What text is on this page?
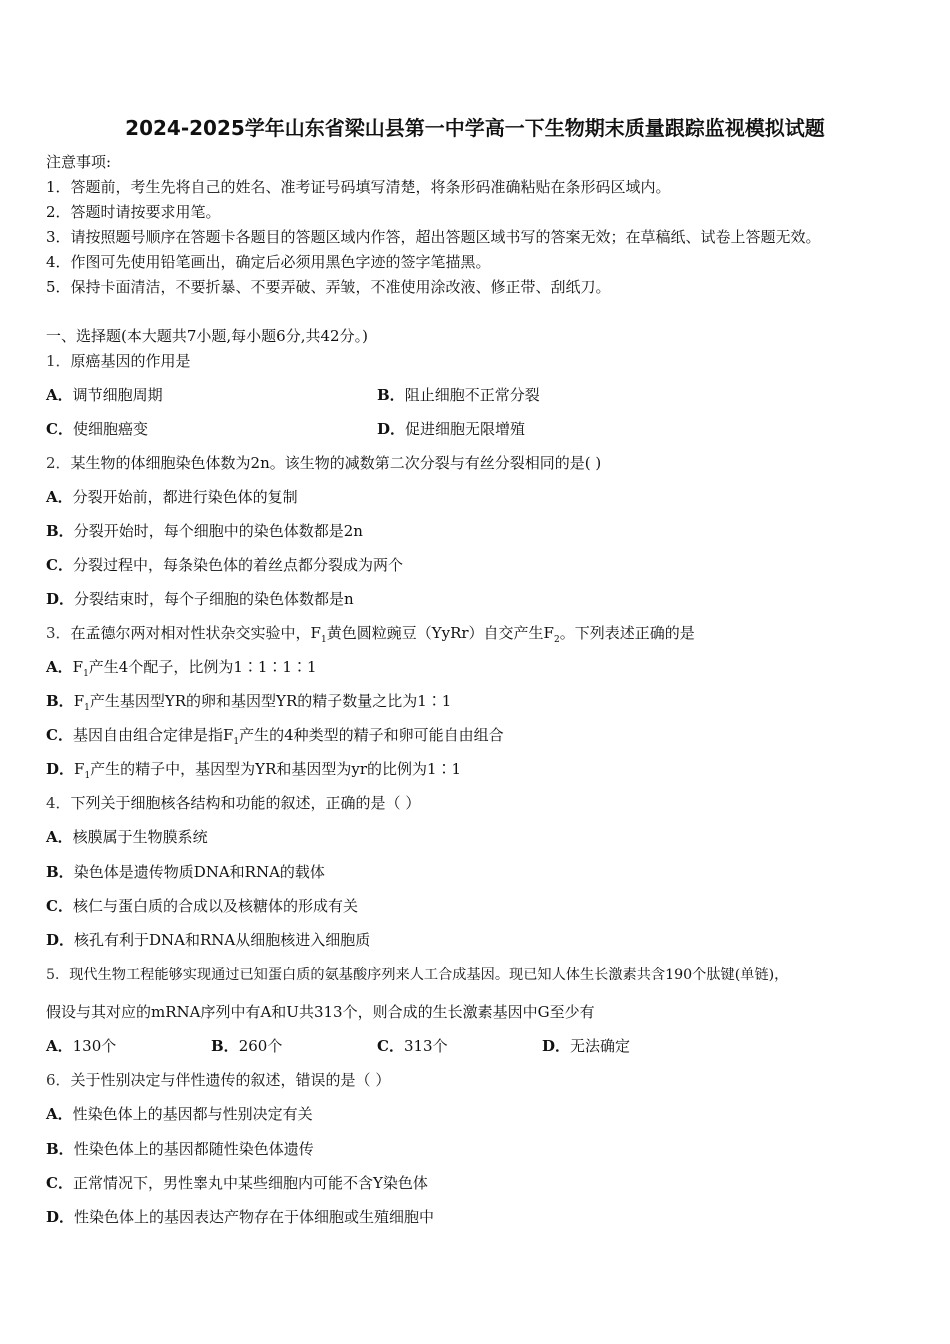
2024-2025学年山东省梁山县第一中学高一下生物期末质量跟踪监视模拟试题
注意事项:
1．答题前，考生先将自己的姓名、准考证号码填写清楚，将条形码准确粘贴在条形码区域内。
2．答题时请按要求用笔。
3．请按照题号顺序在答题卡各题目的答题区域内作答，超出答题区域书写的答案无效；在草稿纸、试卷上答题无效。
4．作图可先使用铅笔画出，确定后必须用黑色字迹的签字笔描黑。
5．保持卡面清洁，不要折暴、不要弄破、弄皱，不准使用涂改液、修正带、刮纸刀。
一、选择题(本大题共7小题,每小题6分,共42分。)
1．原癌基因的作用是
A．调节细胞周期	B．阻止细胞不正常分裂
C．使细胞癌变	D．促进细胞无限增殖
2．某生物的体细胞染色体数为2n。该生物的减数第二次分裂与有丝分裂相同的是( )
A．分裂开始前，都进行染色体的复制
B．分裂开始时，每个细胞中的染色体数都是2n
C．分裂过程中，每条染色体的着丝点都分裂成为两个
D．分裂结束时，每个子细胞的染色体数都是n
3．在孟德尔两对相对性状杂交实验中，$F_1$黄色圆粒豌豆（YyRr）自交产生$F_2$。下列表述正确的是
A．$F_1$产生4个配子，比例为1∶1∶1∶1
B．$F_1$产生基因型YR的卵和基因型YR的精子数量之比为1∶1
C．基因自由组合定律是指$F_1$产生的4种类型的精子和卵可能自由组合
D．$F_1$产生的精子中，基因型为YR和基因型为yr的比例为1∶1
4．下列关于细胞核各结构和功能的叙述，正确的是（ ）
A．核膜属于生物膜系统
B．染色体是遗传物质DNA和RNA的载体
C．核仁与蛋白质的合成以及核糖体的形成有关
D．核孔有利于DNA和RNA从细胞核进入细胞质
5．现代生物工程能够实现通过已知蛋白质的氨基酸序列来人工合成基因。现已知人体生长激素共含190个肽键(单链)，
假设与其对应的mRNA序列中有A和U共313个，则合成的生长激素基因中G至少有
A．130个	B．260个	C．313个	D．无法确定
6．关于性别决定与伴性遗传的叙述，错误的是（ ）
A．性染色体上的基因都与性别决定有关
B．性染色体上的基因都随性染色体遗传
C．正常情况下，男性睾丸中某些细胞内可能不含Y染色体
D．性染色体上的基因表达产物存在于体细胞或生殖细胞中
